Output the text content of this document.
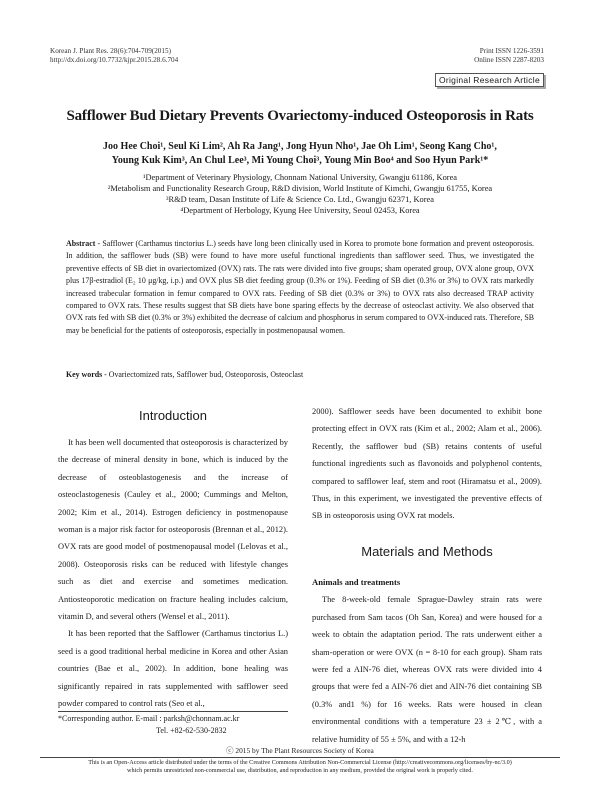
Korean J. Plant Res. 28(6):704-709(2015)
http://dx.doi.org/10.7732/kjpr.2015.28.6.704
Print ISSN 1226-3591
Online ISSN 2287-8203
Original Research Article
Safflower Bud Dietary Prevents Ovariectomy-induced Osteoporosis in Rats
Joo Hee Choi¹, Seul Ki Lim², Ah Ra Jang¹, Jong Hyun Nho¹, Jae Oh Lim¹, Seong Kang Cho¹,
Young Kuk Kim³, An Chul Lee³, Mi Young Choi³, Young Min Boo⁴ and Soo Hyun Park¹*
¹Department of Veterinary Physiology, Chonnam National University, Gwangju 61186, Korea
²Metabolism and Functionality Research Group, R&D division, World Institute of Kimchi, Gwangju 61755, Korea
³R&D team, Dasan Institute of Life & Science Co. Ltd., Gwangju 62371, Korea
⁴Department of Herbology, Kyung Hee University, Seoul 02453, Korea
Abstract - Safflower (Carthamus tinctorius L.) seeds have long been clinically used in Korea to promote bone formation and prevent osteoporosis. In addition, the safflower buds (SB) were found to have more useful functional ingredients than safflower seed. Thus, we investigated the preventive effects of SB diet in ovariectomized (OVX) rats. The rats were divided into five groups; sham operated group, OVX alone group, OVX plus 17β-estradiol (E₂ 10 μg/kg, i.p.) and OVX plus SB diet feeding group (0.3% or 1%). Feeding of SB diet (0.3% or 3%) to OVX rats markedly increased trabecular formation in femur compared to OVX rats. Feeding of SB diet (0.3% or 3%) to OVX rats also decreased TRAP activity compared to OVX rats. These results suggest that SB diets have bone sparing effects by the decrease of osteoclast activity. We also observed that OVX rats fed with SB diet (0.3% or 3%) exhibited the decrease of calcium and phosphorus in serum compared to OVX-induced rats. Therefore, SB may be beneficial for the patients of osteoporosis, especially in postmenopausal women.
Key words - Ovariectomized rats, Safflower bud, Osteoporosis, Osteoclast
Introduction

It has been well documented that osteoporosis is characterized by the decrease of mineral density in bone, which is induced by the decrease of osteoblastogenesis and the increase of osteoclastogenesis (Cauley et al., 2000; Cummings and Melton, 2002; Kim et al., 2014). Estrogen deficiency in postmenopause woman is a major risk factor for osteoporosis (Brennan et al., 2012). OVX rats are good model of postmenopausal model (Lelovas et al., 2008). Osteoporosis risks can be reduced with lifestyle changes such as diet and exercise and sometimes medication. Antiosteoporotic medication on fracture healing includes calcium, vitamin D, and several others (Wensel et al., 2011).

It has been reported that the Safflower (Carthamus tinctorius L.) seed is a good traditional herbal medicine in Korea and other Asian countries (Bae et al., 2002). In addition, bone healing was significantly repaired in rats supplemented with safflower seed powder compared to control rats (Seo et al.,

2000). Safflower seeds have been documented to exhibit bone protecting effect in OVX rats (Kim et al., 2002; Alam et al., 2006). Recently, the safflower bud (SB) retains contents of useful functional ingredients such as flavonoids and polyphenol contents, compared to safflower leaf, stem and root (Hiramatsu et al., 2009). Thus, in this experiment, we investigated the preventive effects of SB in osteoporosis using OVX rat models.

Materials and Methods
Animals and treatments

The 8-week-old female Sprague-Dawley strain rats were purchased from Sam tacos (Oh San, Korea) and were housed for a week to obtain the adaptation period. The rats underwent either a sham-operation or were OVX (n = 8-10 for each group). Sham rats were fed a AIN-76 diet, whereas OVX rats were divided into 4 groups that were fed a AIN-76 diet and AIN-76 diet containing SB (0.3% and1 %) for 16 weeks. Rats were housed in clean environmental conditions with a temperature 23 ± 2℃, with a relative humidity of 55 ± 5%, and with a 12-h

*Corresponding author. E-mail : parksh@chonnam.ac.kr
Tel. +82-62-530-2832
ⓒ 2015 by The Plant Resources Society of Korea
This is an Open-Access article distributed under the terms of the Creative Commons Attribution Non-Commercial License (http://creativecommons.org/licenses/by-nc/3.0)
which permits unrestricted non-commercial use, distribution, and reproduction in any medium, provided the original work is properly cited.
